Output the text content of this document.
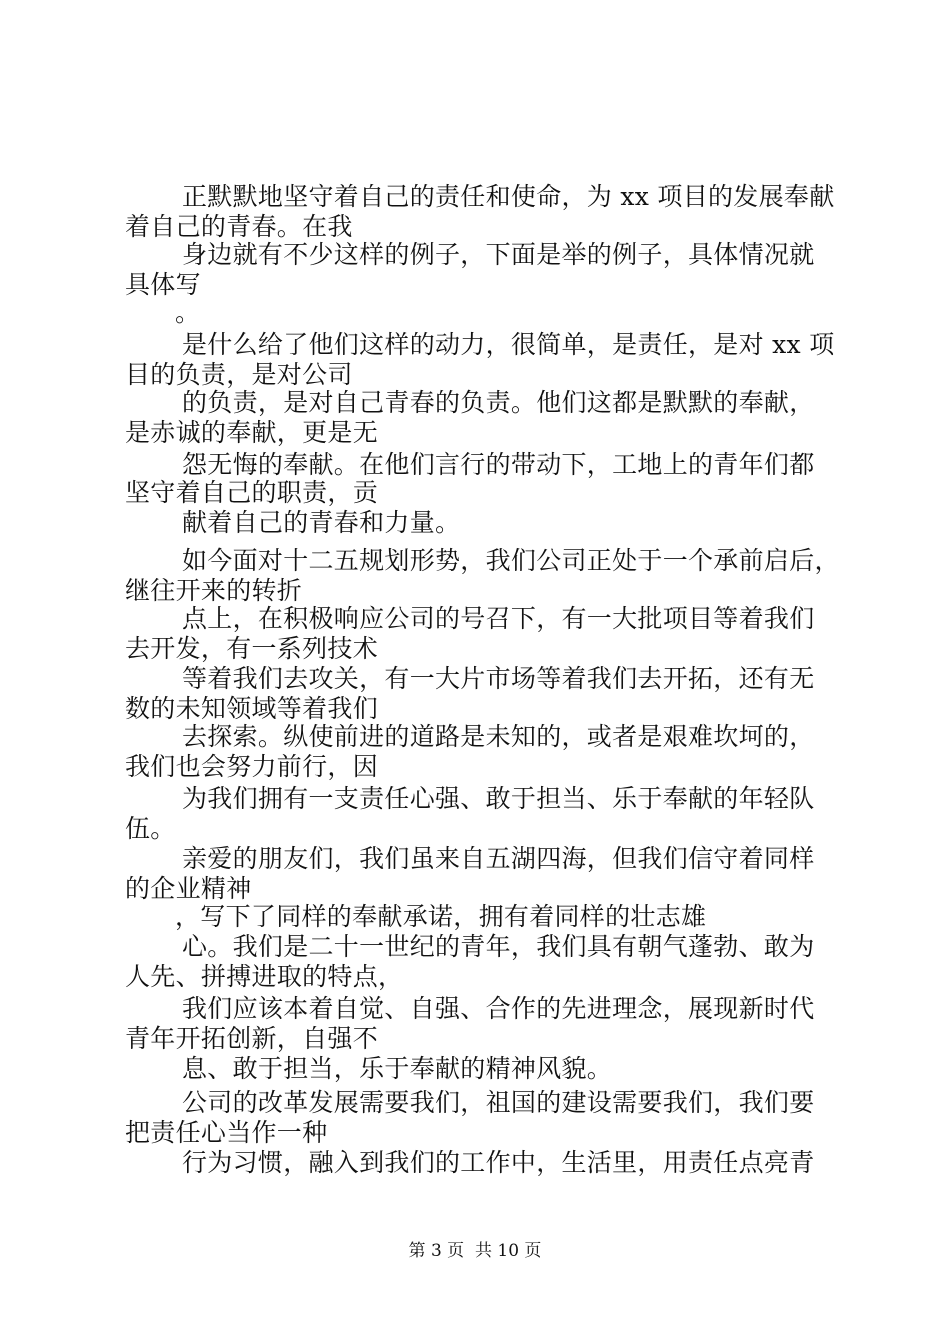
正默默地坚守着自己的责任和使命，为 xx 项目的发展奉献
着自己的青春。在我
身边就有不少这样的例子，下面是举的例子，具体情况就
具体写
。
是什么给了他们这样的动力，很简单，是责任，是对 xx 项
目的负责，是对公司
的负责，是对自己青春的负责。他们这都是默默的奉献，
是赤诚的奉献，更是无
怨无悔的奉献。在他们言行的带动下，工地上的青年们都
坚守着自己的职责，贡
献着自己的青春和力量。
如今面对十二五规划形势，我们公司正处于一个承前启后，
继往开来的转折
点上，在积极响应公司的号召下，有一大批项目等着我们
去开发，有一系列技术
等着我们去攻关，有一大片市场等着我们去开拓，还有无
数的未知领域等着我们
去探索。纵使前进的道路是未知的，或者是艰难坎坷的，
我们也会努力前行，因
为我们拥有一支责任心强、敢于担当、乐于奉献的年轻队
伍。
亲爱的朋友们，我们虽来自五湖四海，但我们信守着同样
的企业精神
，写下了同样的奉献承诺，拥有着同样的壮志雄
心。我们是二十一世纪的青年，我们具有朝气蓬勃、敢为
人先、拼搏进取的特点，
我们应该本着自觉、自强、合作的先进理念，展现新时代
青年开拓创新，自强不
息、敢于担当，乐于奉献的精神风貌。
公司的改革发展需要我们，祖国的建设需要我们，我们要
把责任心当作一种
行为习惯，融入到我们的工作中，生活里，用责任点亮青
第 3 页 共 10 页
